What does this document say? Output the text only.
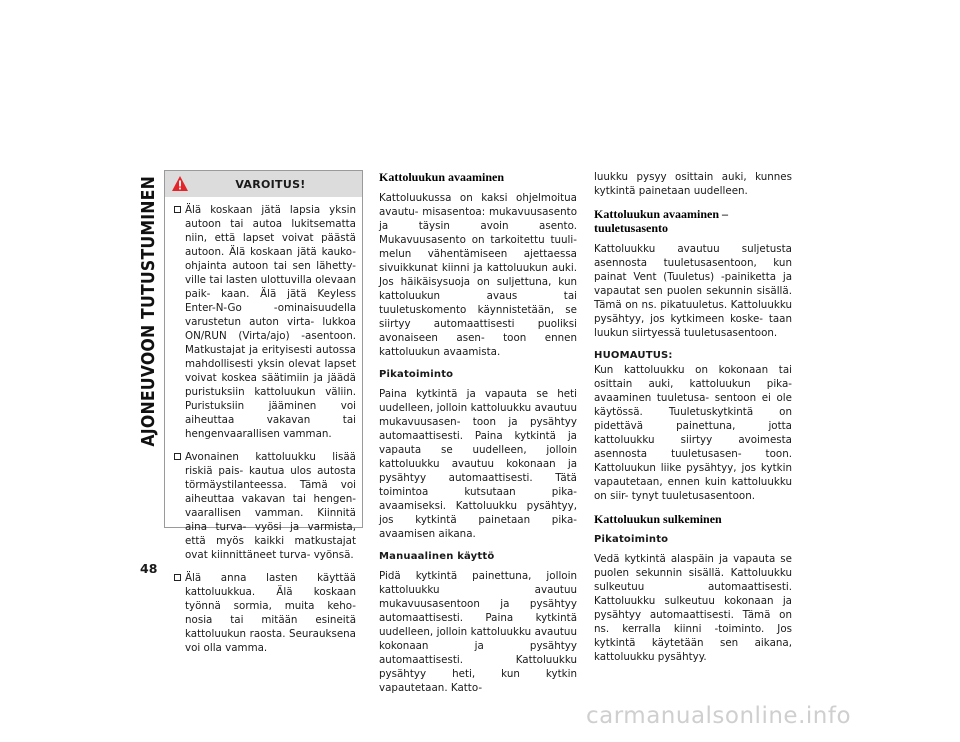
AJONEUVOON TUTUSTUMINEN
48
VAROITUS!
Älä koskaan jätä lapsia yksin autoon tai autoa lukitsematta niin, että lapset voivat päästä autoon. Älä koskaan jätä kauko-ohjainta autoon tai sen lähetty- ville tai lasten ulottuvilla olevaan paik- kaan. Älä jätä Keyless Enter-N-Go -ominaisuudella varustetun auton virta- lukkoa ON/RUN (Virta/ajo) -asentoon. Matkustajat ja erityisesti autossa mahdollisesti yksin olevat lapset voivat koskea säätimiin ja jäädä puristuksiin kattoluukun väliin. Puristuksiin jääminen voi aiheuttaa vakavan tai hengenvaarallisen vamman.
Avonainen kattoluukku lisää riskiä pais- kautua ulos autosta törmäystilanteessa. Tämä voi aiheuttaa vakavan tai hengen- vaarallisen vamman. Kiinnitä aina turva- vyösi ja varmista, että myös kaikki matkustajat ovat kiinnittäneet turva- vyönsä.
Älä anna lasten käyttää kattoluukkua. Älä koskaan työnnä sormia, muita keho- nosia tai mitään esineitä kattoluukun raosta. Seurauksena voi olla vamma.
Kattoluukun avaaminen

Kattoluukussa on kaksi ohjelmoitua avautu- misasentoa: mukavuusasento ja täysin avoin asento. Mukavuusasento on tarkoitettu tuuli- melun vähentämiseen ajettaessa sivuikkunat kiinni ja kattoluukun auki. Jos häikäisysuoja on suljettuna, kun kattoluukun avaus tai tuuletuskomento käynnistetään, se siirtyy automaattisesti puoliksi avonaiseen asen- toon ennen kattoluukun avaamista.

Pikatoiminto

Paina kytkintä ja vapauta se heti uudelleen, jolloin kattoluukku avautuu mukavuusasen- toon ja pysähtyy automaattisesti. Paina kytkintä ja vapauta se uudelleen, jolloin kattoluukku avautuu kokonaan ja pysähtyy automaattisesti. Tätä toimintoa kutsutaan pika-avaamiseksi. Kattoluukku pysähtyy, jos kytkintä painetaan pika-avaamisen aikana.

Manuaalinen käyttö

Pidä kytkintä painettuna, jolloin kattoluukku avautuu mukavuusasentoon ja pysähtyy automaattisesti. Paina kytkintä uudelleen, jolloin kattoluukku avautuu kokonaan ja pysähtyy automaattisesti. Kattoluukku pysähtyy heti, kun kytkin vapautetaan. Katto-

luukku pysyy osittain auki, kunnes kytkintä painetaan uudelleen.

Kattoluukun avaaminen – tuuletusasento

Kattoluukku avautuu suljetusta asennosta tuuletusasentoon, kun painat Vent (Tuuletus) -painiketta ja vapautat sen puolen sekunnin sisällä. Tämä on ns. pikatuuletus. Kattoluukku pysähtyy, jos kytkimeen koske- taan luukun siirtyessä tuuletusasentoon.

HUOMAUTUS:

Kun kattoluukku on kokonaan tai osittain auki, kattoluukun pika-avaaminen tuuletusa- sentoon ei ole käytössä. Tuuletuskytkintä on pidettävä painettuna, jotta kattoluukku siirtyy avoimesta asennosta tuuletusasen- toon. Kattoluukun liike pysähtyy, jos kytkin vapautetaan, ennen kuin kattoluukku on siir- tynyt tuuletusasentoon.

Kattoluukun sulkeminen
Pikatoiminto

Vedä kytkintä alaspäin ja vapauta se puolen sekunnin sisällä. Kattoluukku sulkeutuu automaattisesti. Kattoluukku sulkeutuu kokonaan ja pysähtyy automaattisesti. Tämä on ns. kerralla kiinni -toiminto. Jos kytkintä käytetään sen aikana, kattoluukku pysähtyy.

carmanualsonline.info
